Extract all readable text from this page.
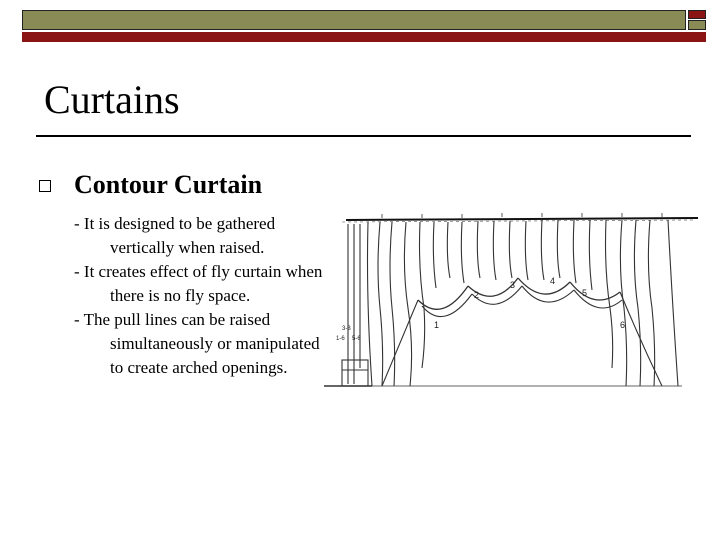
Curtains
Contour Curtain

- It is designed to be gathered vertically when raised.

- It creates effect of fly curtain when there is no fly space.

- The pull lines can be raised simultaneously or manipulated to create arched openings.

1
2
3	4
5
6
3-3
1-6 5-6
